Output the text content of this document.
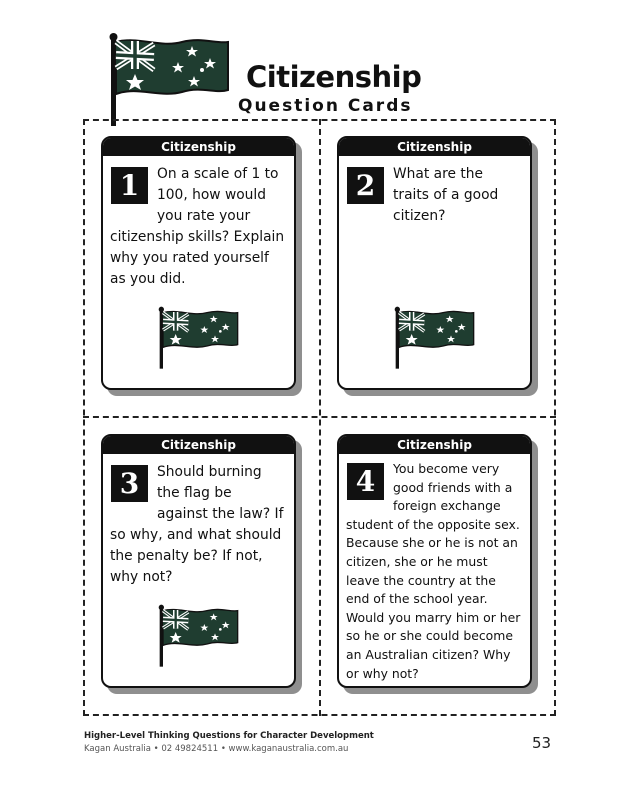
Citizenship
Question Cards
Citizenship
1	On a scale of 1 to 100, how would you rate your citizenship skills? Explain why you rated yourself as you did.
Citizenship
2	What are the traits of a good citizen?
Citizenship
3	Should burning the flag be against the law? If so why, and what should the penalty be? If not, why not?
Citizenship
4	You become very good friends with a foreign exchange student of the opposite sex. Because she or he is not an citizen, she or he must leave the country at the end of the school year. Would you marry him or her so he or she could become an Australian citizen? Why or why not?
Higher-Level Thinking Questions for Character Development
Kagan Australia • 02 49824511 • www.kaganaustralia.com.au	53
